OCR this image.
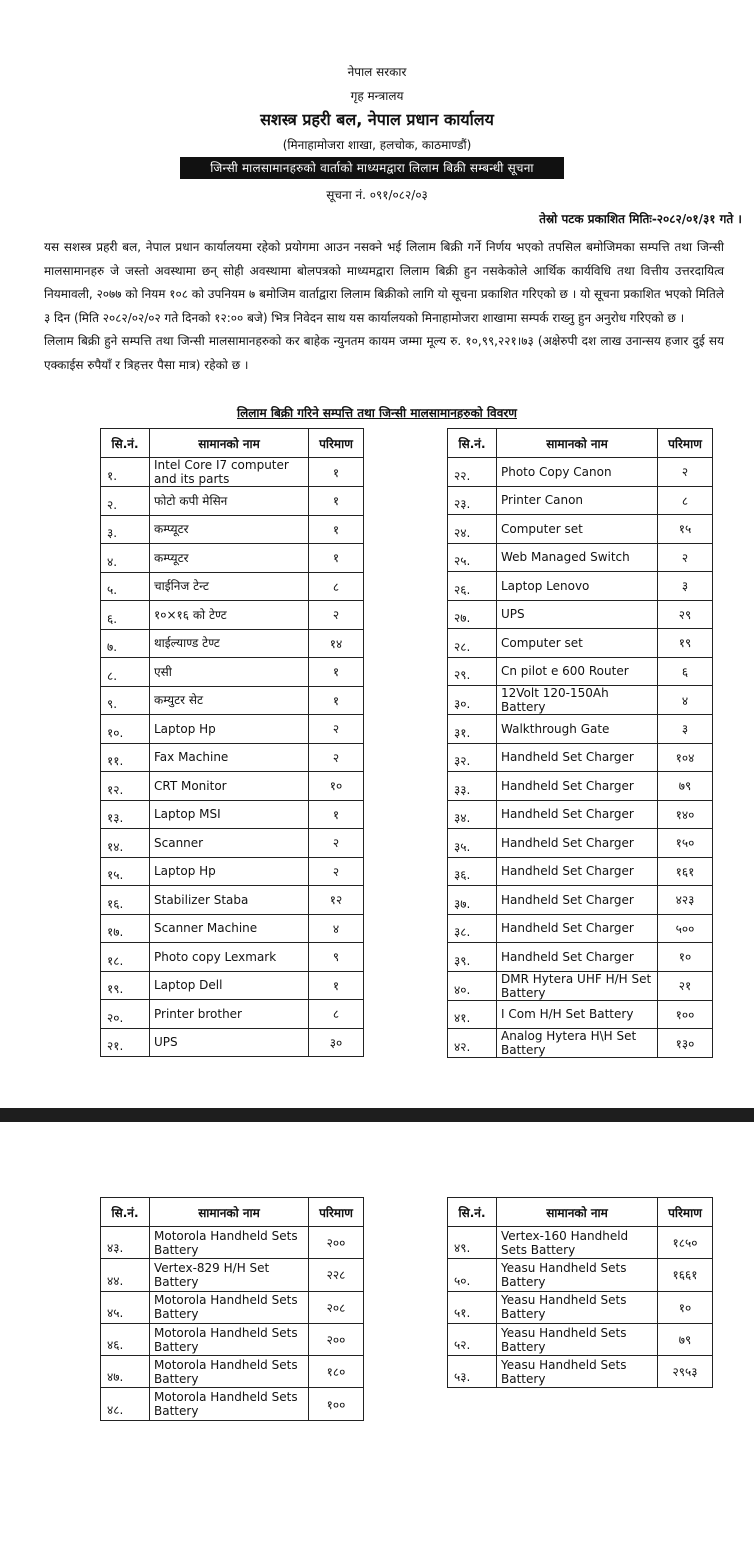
नेपाल सरकार
गृह मन्त्रालय
सशस्त्र प्रहरी बल, नेपाल प्रधान कार्यालय
(मिनाहामोजरा शाखा, हलचोक, काठमाण्डौं)
जिन्सी मालसामानहरुको वार्ताको माध्यमद्वारा लिलाम बिक्री सम्बन्धी सूचना
सूचना नं. ०९१/०८२/०३
तेस्रो पटक प्रकाशित मितिः-२०८२/०१/३१ गते ।
यस सशस्त्र प्रहरी बल, नेपाल प्रधान कार्यालयमा रहेको प्रयोगमा आउन नसक्ने भई लिलाम बिक्री गर्ने निर्णय भएको तपसिल बमोजिमका सम्पत्ति तथा जिन्सी मालसामानहरु जे जस्तो अवस्थामा छन् सोही अवस्थामा बोलपत्रको माध्यमद्वारा लिलाम बिक्री हुन नसकेकोले आर्थिक कार्यविधि तथा वित्तीय उत्तरदायित्व नियमावली, २०७७ को नियम १०८ को उपनियम ७ बमोजिम वार्ताद्वारा लिलाम बिक्रीको लागि यो सूचना प्रकाशित गरिएको छ । यो सूचना प्रकाशित भएको मितिले ३ दिन (मिति २०८२/०२/०२ गते दिनको १२:०० बजे) भित्र निवेदन साथ यस कार्यालयको मिनाहामोजरा शाखामा सम्पर्क राख्नु हुन अनुरोध गरिएको छ ।
लिलाम बिक्री हुने सम्पत्ति तथा जिन्सी मालसामानहरुको कर बाहेक न्युनतम कायम जम्मा मूल्य रु. १०,९९,२२१।७३ (अक्षेरुपी दश लाख उनान्सय हजार दुई सय एक्काईस रुपैयाँ र त्रिहत्तर पैसा मात्र) रहेको छ ।
लिलाम बिक्री गरिने सम्पत्ति तथा जिन्सी मालसामानहरुको विवरण
सि.नं.	सामानको नाम	परिमाण
१.	Intel Core I7 computer and its parts	१
२.	फोटो कपी मेसिन	१
३.	कम्प्यूटर	१
४.	कम्प्यूटर	१
५.	चाईनिज टेन्ट	८
६.	१०×१६ को टेण्ट	२
७.	थाईल्याण्ड टेण्ट	१४
८.	एसी	१
९.	कम्युटर सेट	१
१०.	Laptop Hp	२
११.	Fax Machine	२
१२.	CRT Monitor	१०
१३.	Laptop MSI	१
१४.	Scanner	२
१५.	Laptop Hp	२
१६.	Stabilizer Staba	१२
१७.	Scanner Machine	४
१८.	Photo copy Lexmark	९
१९.	Laptop Dell	१
२०.	Printer brother	८
२१.	UPS	३०
सि.नं.	सामानको नाम	परिमाण
२२.	Photo Copy Canon	२
२३.	Printer Canon	८
२४.	Computer set	१५
२५.	Web Managed Switch	२
२६.	Laptop Lenovo	३
२७.	UPS	२९
२८.	Computer set	१९
२९.	Cn pilot e 600 Router	६
३०.	12Volt 120-150Ah Battery	४
३१.	Walkthrough Gate	३
३२.	Handheld Set Charger	१०४
३३.	Handheld Set Charger	७९
३४.	Handheld Set Charger	१४०
३५.	Handheld Set Charger	१५०
३६.	Handheld Set Charger	१६१
३७.	Handheld Set Charger	४२३
३८.	Handheld Set Charger	५००
३९.	Handheld Set Charger	१०
४०.	DMR Hytera UHF H/H Set Battery	२१
४१.	I Com H/H Set Battery	१००
४२.	Analog Hytera H\H Set Battery	१३०
सि.नं.	सामानको नाम	परिमाण
४३.	Motorola Handheld Sets Battery	२००
४४.	Vertex-829 H/H Set Battery	२२८
४५.	Motorola Handheld Sets Battery	२०८
४६.	Motorola Handheld Sets Battery	२००
४७.	Motorola Handheld Sets Battery	१८०
४८.	Motorola Handheld Sets Battery	१००
सि.नं.	सामानको नाम	परिमाण
४९.	Vertex-160 Handheld Sets Battery	१८५०
५०.	Yeasu Handheld Sets Battery	१६६१
५१.	Yeasu Handheld Sets Battery	१०
५२.	Yeasu Handheld Sets Battery	७९
५३.	Yeasu Handheld Sets Battery	२९५३
